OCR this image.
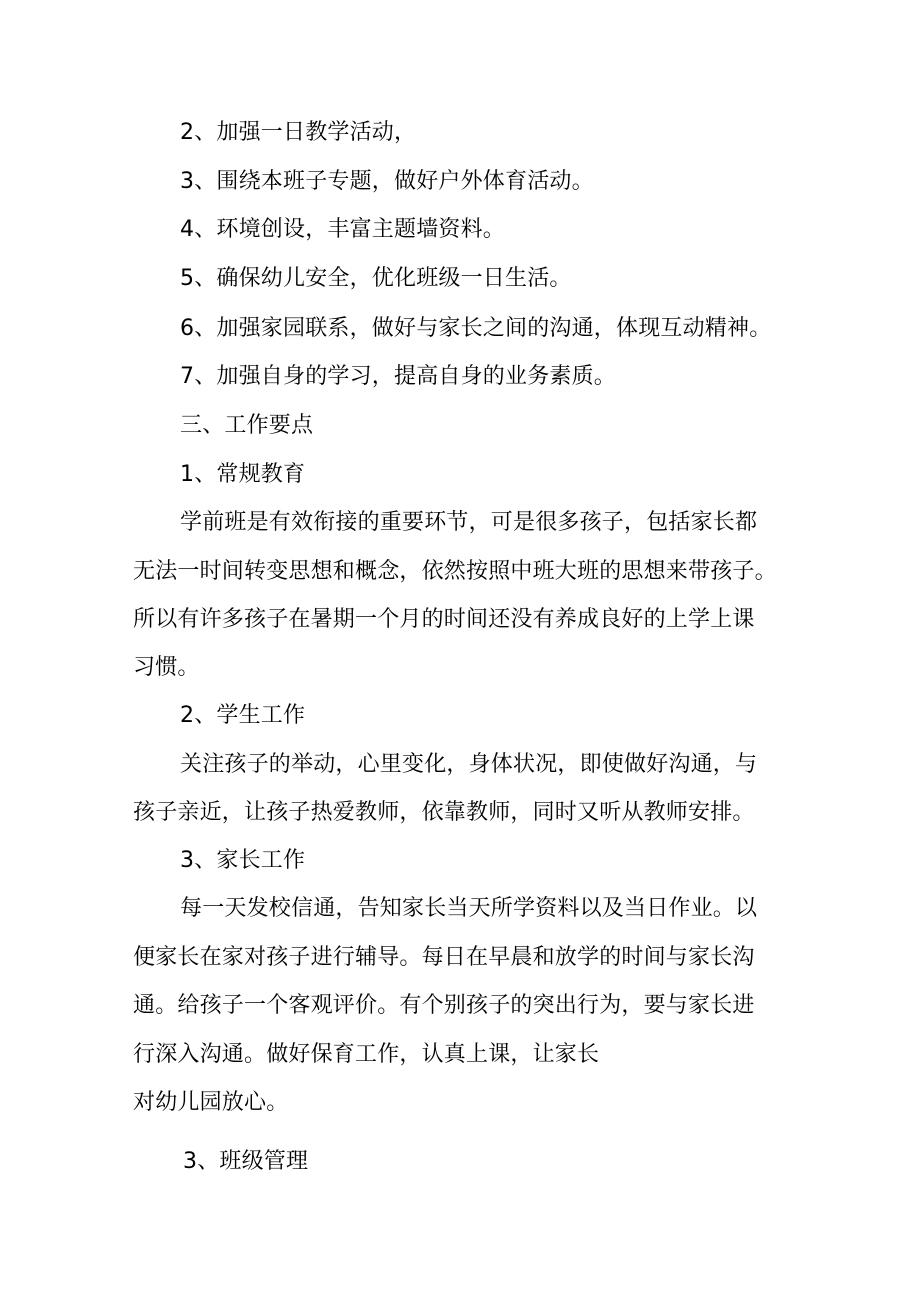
2、加强一日教学活动，
3、围绕本班子专题，做好户外体育活动。
4、环境创设，丰富主题墙资料。
5、确保幼儿安全，优化班级一日生活。
6、加强家园联系，做好与家长之间的沟通，体现互动精神。
7、加强自身的学习，提高自身的业务素质。
三、工作要点
1、常规教育
学前班是有效衔接的重要环节，可是很多孩子，包括家长都
无法一时间转变思想和概念，依然按照中班大班的思想来带孩子。
所以有许多孩子在暑期一个月的时间还没有养成良好的上学上课
习惯。
2、学生工作
关注孩子的举动，心里变化，身体状况，即使做好沟通，与
孩子亲近，让孩子热爱教师，依靠教师，同时又听从教师安排。
3、家长工作
每一天发校信通，告知家长当天所学资料以及当日作业。以
便家长在家对孩子进行辅导。每日在早晨和放学的时间与家长沟
通。给孩子一个客观评价。有个别孩子的突出行为，要与家长进
行深入沟通。做好保育工作，认真上课，让家长
对幼儿园放心。
3、班级管理
